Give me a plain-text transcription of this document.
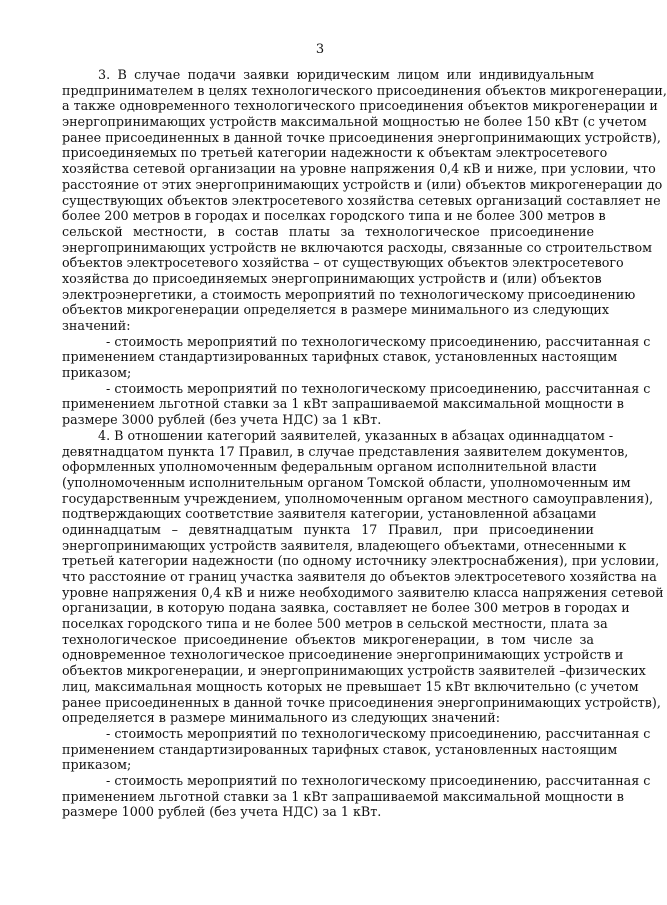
3
3. В случае подачи заявки юридическим лицом или индивидуальным
предпринимателем в целях технологического присоединения объектов микрогенерации,
а также одновременного технологического присоединения объектов микрогенерации и
энергопринимающих устройств максимальной мощностью не более 150 кВт (с учетом
ранее присоединенных в данной точке присоединения энергопринимающих устройств),
присоединяемых по третьей категории надежности к объектам электросетевого
хозяйства сетевой организации на уровне напряжения 0,4 кВ и ниже, при условии, что
расстояние от этих энергопринимающих устройств и (или) объектов микрогенерации до
существующих объектов электросетевого хозяйства сетевых организаций составляет не
более 200 метров в городах и поселках городского типа и не более 300 метров в
сельской местности, в состав платы за технологическое присоединение
энергопринимающих устройств не включаются расходы, связанные со строительством
объектов электросетевого хозяйства – от существующих объектов электросетевого
хозяйства до присоединяемых энергопринимающих устройств и (или) объектов
электроэнергетики, а стоимость мероприятий по технологическому присоединению
объектов микрогенерации определяется в размере минимального из следующих
значений:
- стоимость мероприятий по технологическому присоединению, рассчитанная с
применением стандартизированных тарифных ставок, установленных настоящим
приказом;
- стоимость мероприятий по технологическому присоединению, рассчитанная с
применением льготной ставки за 1 кВт запрашиваемой максимальной мощности в
размере 3000 рублей (без учета НДС) за 1 кВт.
4. В отношении категорий заявителей, указанных в абзацах одиннадцатом -
девятнадцатом пункта 17 Правил, в случае представления заявителем документов,
оформленных уполномоченным федеральным органом исполнительной власти
(уполномоченным исполнительным органом Томской области, уполномоченным им
государственным учреждением, уполномоченным органом местного самоуправления),
подтверждающих соответствие заявителя категории, установленной абзацами
одиннадцатым – девятнадцатым пункта 17 Правил, при присоединении
энергопринимающих устройств заявителя, владеющего объектами, отнесенными к
третьей категории надежности (по одному источнику электроснабжения), при условии,
что расстояние от границ участка заявителя до объектов электросетевого хозяйства на
уровне напряжения 0,4 кВ и ниже необходимого заявителю класса напряжения сетевой
организации, в которую подана заявка, составляет не более 300 метров в городах и
поселках городского типа и не более 500 метров в сельской местности, плата за
технологическое присоединение объектов микрогенерации, в том числе за
одновременное технологическое присоединение энергопринимающих устройств и
объектов микрогенерации, и энергопринимающих устройств заявителей –физических
лиц, максимальная мощность которых не превышает 15 кВт включительно (с учетом
ранее присоединенных в данной точке присоединения энергопринимающих устройств),
определяется в размере минимального из следующих значений:
- стоимость мероприятий по технологическому присоединению, рассчитанная с
применением стандартизированных тарифных ставок, установленных настоящим
приказом;
- стоимость мероприятий по технологическому присоединению, рассчитанная с
применением льготной ставки за 1 кВт запрашиваемой максимальной мощности в
размере 1000 рублей (без учета НДС) за 1 кВт.
